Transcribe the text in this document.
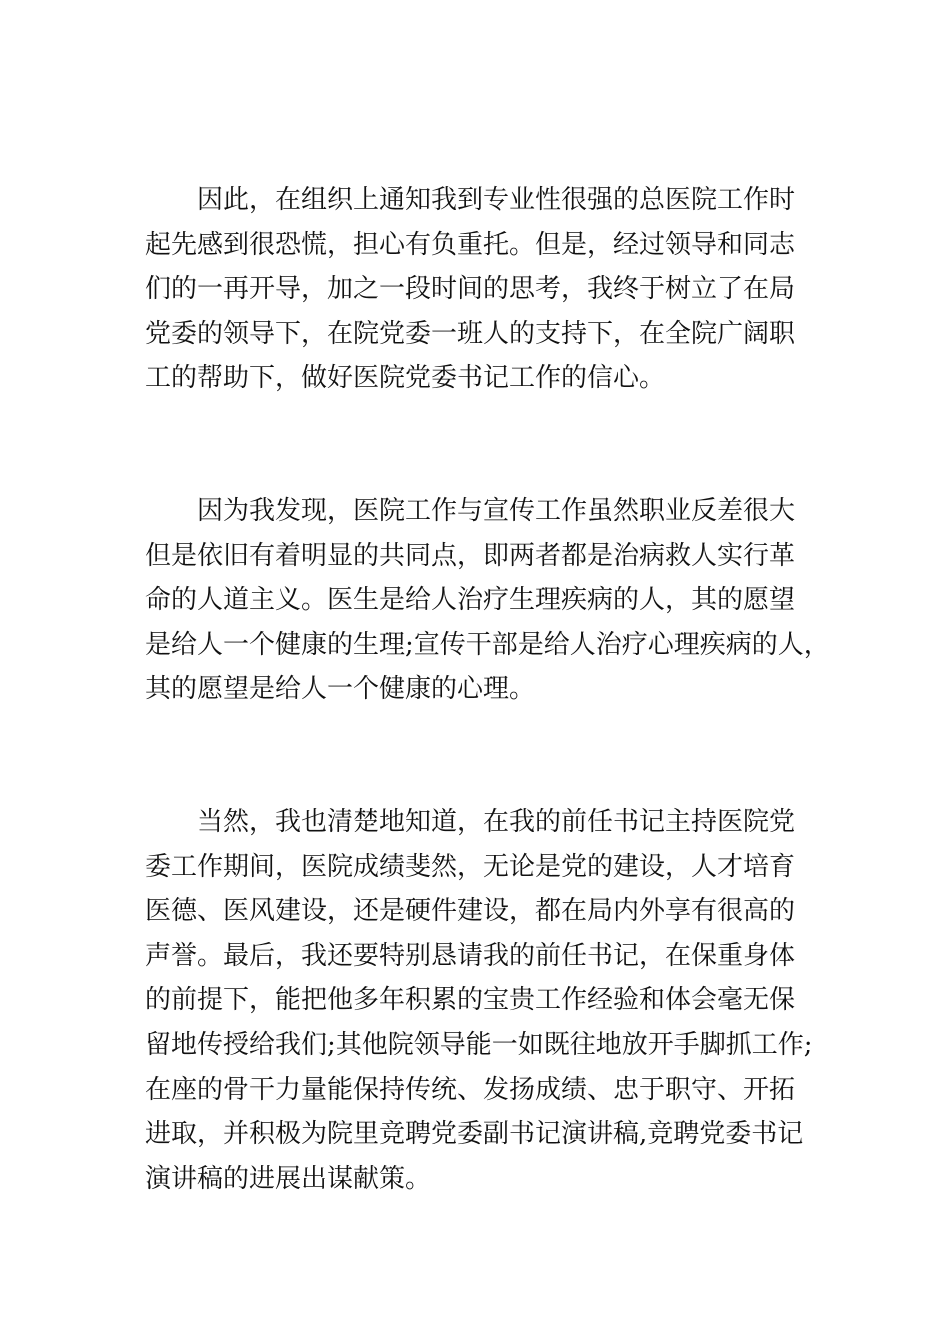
因此，在组织上通知我到专业性很强的总医院工作时
起先感到很恐慌，担心有负重托。但是，经过领导和同志
们的一再开导，加之一段时间的思考，我终于树立了在局
党委的领导下，在院党委一班人的支持下，在全院广阔职
工的帮助下，做好医院党委书记工作的信心。
因为我发现，医院工作与宣传工作虽然职业反差很大
但是依旧有着明显的共同点，即两者都是治病救人实行革
命的人道主义。医生是给人治疗生理疾病的人，其的愿望
是给人一个健康的生理;宣传干部是给人治疗心理疾病的人，
其的愿望是给人一个健康的心理。
当然，我也清楚地知道，在我的前任书记主持医院党
委工作期间，医院成绩斐然，无论是党的建设，人才培育
医德、医风建设，还是硬件建设，都在局内外享有很高的
声誉。最后，我还要特别恳请我的前任书记，在保重身体
的前提下，能把他多年积累的宝贵工作经验和体会毫无保
留地传授给我们;其他院领导能一如既往地放开手脚抓工作;
在座的骨干力量能保持传统、发扬成绩、忠于职守、开拓
进取，并积极为院里竞聘党委副书记演讲稿,竞聘党委书记
演讲稿的进展出谋献策。
